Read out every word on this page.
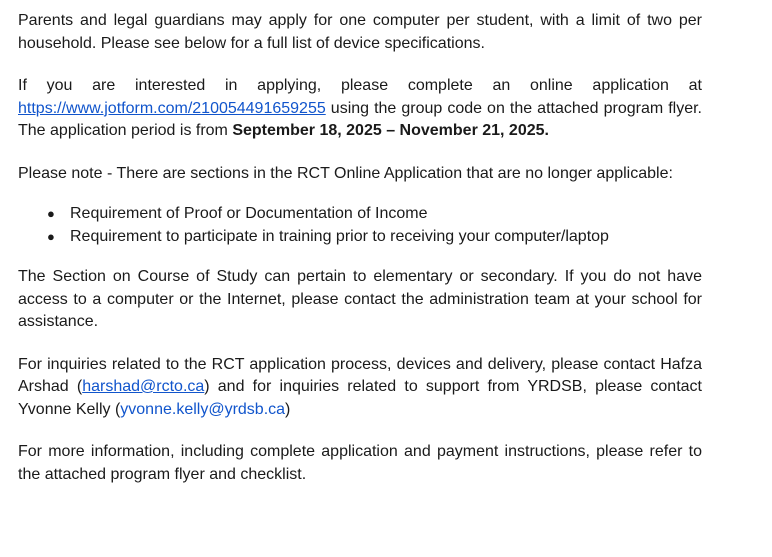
Parents and legal guardians may apply for one computer per student, with a limit of two per household. Please see below for a full list of device specifications.

If you are interested in applying, please complete an online application at https://www.jotform.com/210054491659255 using the group code on the attached program flyer. The application period is from September 18, 2025 – November 21, 2025.

Please note - There are sections in the RCT Online Application that are no longer applicable:

● Requirement of Proof or Documentation of Income
● Requirement to participate in training prior to receiving your computer/laptop

The Section on Course of Study can pertain to elementary or secondary. If you do not have access to a computer or the Internet, please contact the administration team at your school for assistance.

For inquiries related to the RCT application process, devices and delivery, please contact Hafza Arshad (harshad@rcto.ca) and for inquiries related to support from YRDSB, please contact Yvonne Kelly (yvonne.kelly@yrdsb.ca)

For more information, including complete application and payment instructions, please refer to the attached program flyer and checklist.
